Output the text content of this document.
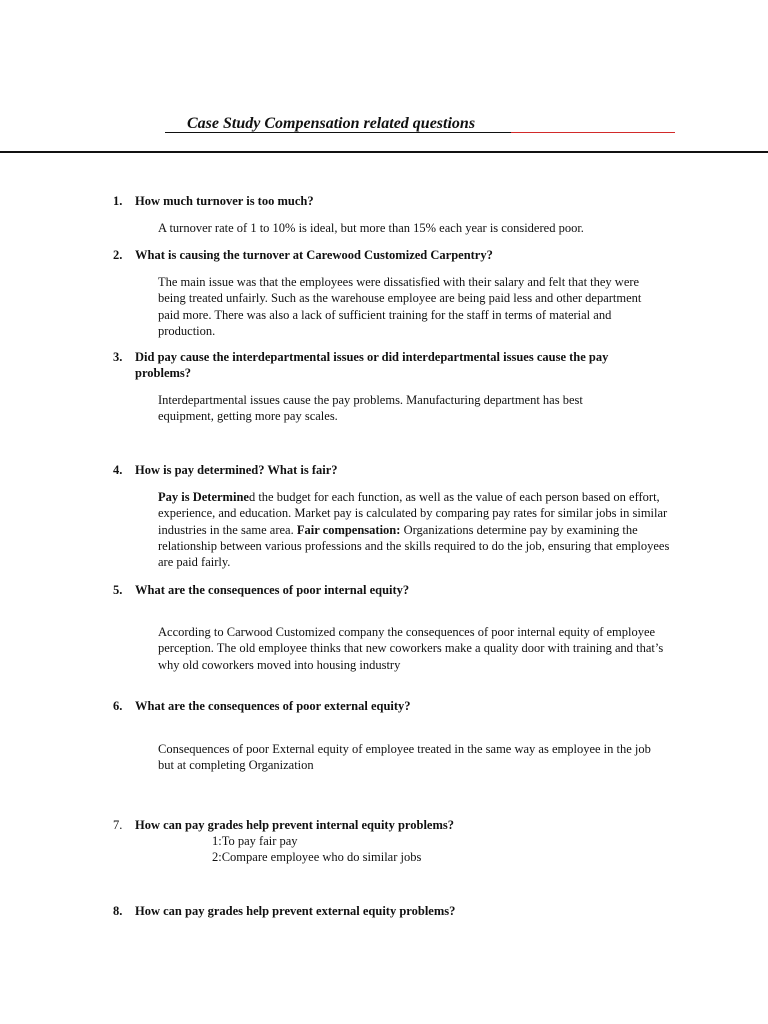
Case Study Compensation related questions
1.	How much turnover is too much?
A turnover rate of 1 to 10% is ideal, but more than 15% each year is considered poor.
2.	What is causing the turnover at Carewood Customized Carpentry?
The main issue was that the employees were dissatisfied with their salary and felt that they were being treated unfairly. Such as the warehouse employee are being paid less and other department paid more. There was also a lack of sufficient training for the staff in terms of material and production.
3.	Did pay cause the interdepartmental issues or did interdepartmental issues cause the pay problems?
Interdepartmental issues cause the pay problems. Manufacturing department has best equipment, getting more pay scales.
4.	How is pay determined? What is fair?
Pay is Determined the budget for each function, as well as the value of each person based on effort, experience, and education. Market pay is calculated by comparing pay rates for similar jobs in similar industries in the same area. Fair compensation: Organizations determine pay by examining the relationship between various professions and the skills required to do the job, ensuring that employees are paid fairly.
5.	What are the consequences of poor internal equity?
According to Carwood Customized company the consequences of poor internal equity of employee perception. The old employee thinks that new coworkers make a quality door with training and that’s why old coworkers moved into housing industry
6.	What are the consequences of poor external equity?
Consequences of poor External equity of employee treated in the same way as employee in the job but at completing Organization
7.	How can pay grades help prevent internal equity problems?
1:To pay fair pay
2:Compare employee who do similar jobs
8.	How can pay grades help prevent external equity problems?
